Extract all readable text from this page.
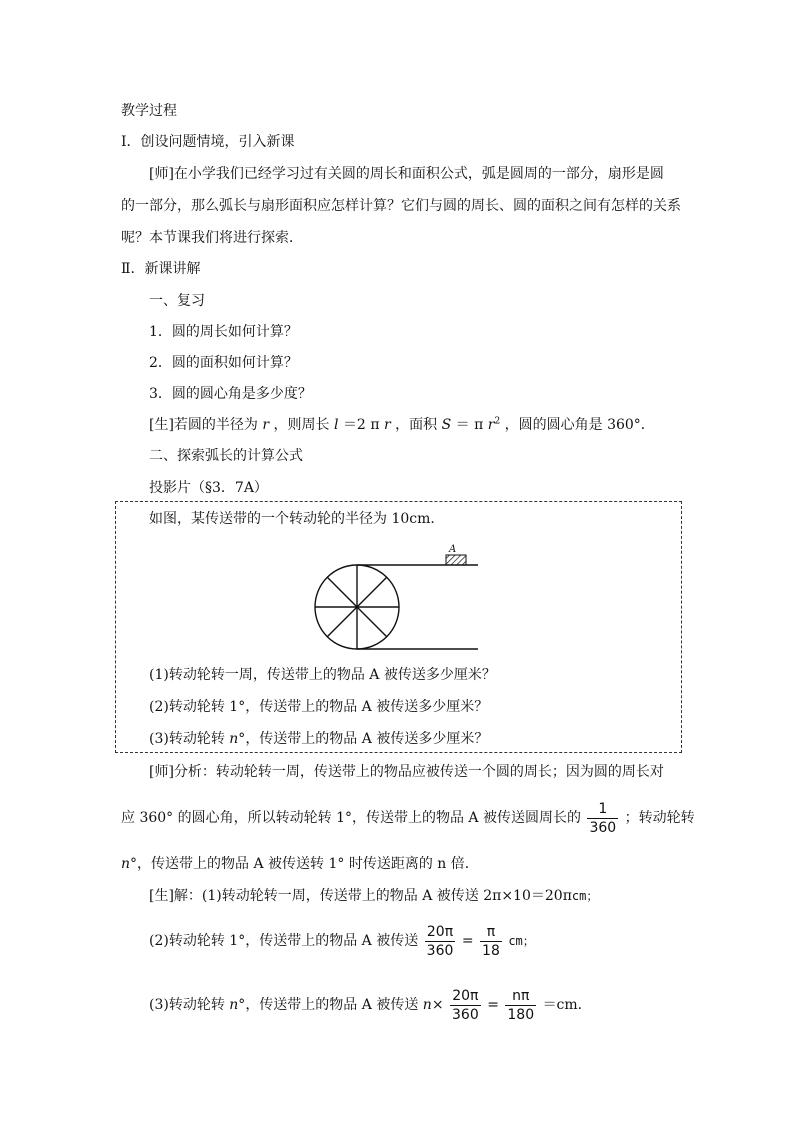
教学过程
Ⅰ．创设问题情境，引入新课
[师]在小学我们已经学习过有关圆的周长和面积公式，弧是圆周的一部分，扇形是圆
的一部分，那么弧长与扇形面积应怎样计算？它们与圆的周长、圆的面积之间有怎样的关系
呢？本节课我们将进行探索．
Ⅱ．新课讲解
一、复习
1．圆的周长如何计算？
2．圆的面积如何计算？
3．圆的圆心角是多少度？
[生]若圆的半径为 r ，则周长 l ＝2 π r ，面积 S ＝ π $r^2$ ，圆的圆心角是 360°．
二、探索弧长的计算公式
投影片（§3．7A）
如图，某传送带的一个转动轮的半径为 10cm．
A
(1)转动轮转一周，传送带上的物品 A 被传送多少厘米？
(2)转动轮转 1°，传送带上的物品 A 被传送多少厘米？
(3)转动轮转 n°，传送带上的物品 A 被传送多少厘米？
[师]分析：转动轮转一周，传送带上的物品应被传送一个圆的周长；因为圆的周长对
应 360° 的圆心角，所以转动轮转 1°，传送带上的物品 A 被传送圆周长的 $\frac{1}{360}$ ；转动轮转
n°，传送带上的物品 A 被传送转 1° 时传送距离的 n 倍．
[生]解：(1)转动轮转一周，传送带上的物品 A 被传送 2π×10＝20πcm；
(2)转动轮转 1°，传送带上的物品 A 被传送 $\frac{20\pi}{360} = \frac{\pi}{18}$ cm；
(3)转动轮转 n°，传送带上的物品 A 被传送 $n\times \frac{20\pi}{360} = \frac{n\pi}{180} =cm$．
